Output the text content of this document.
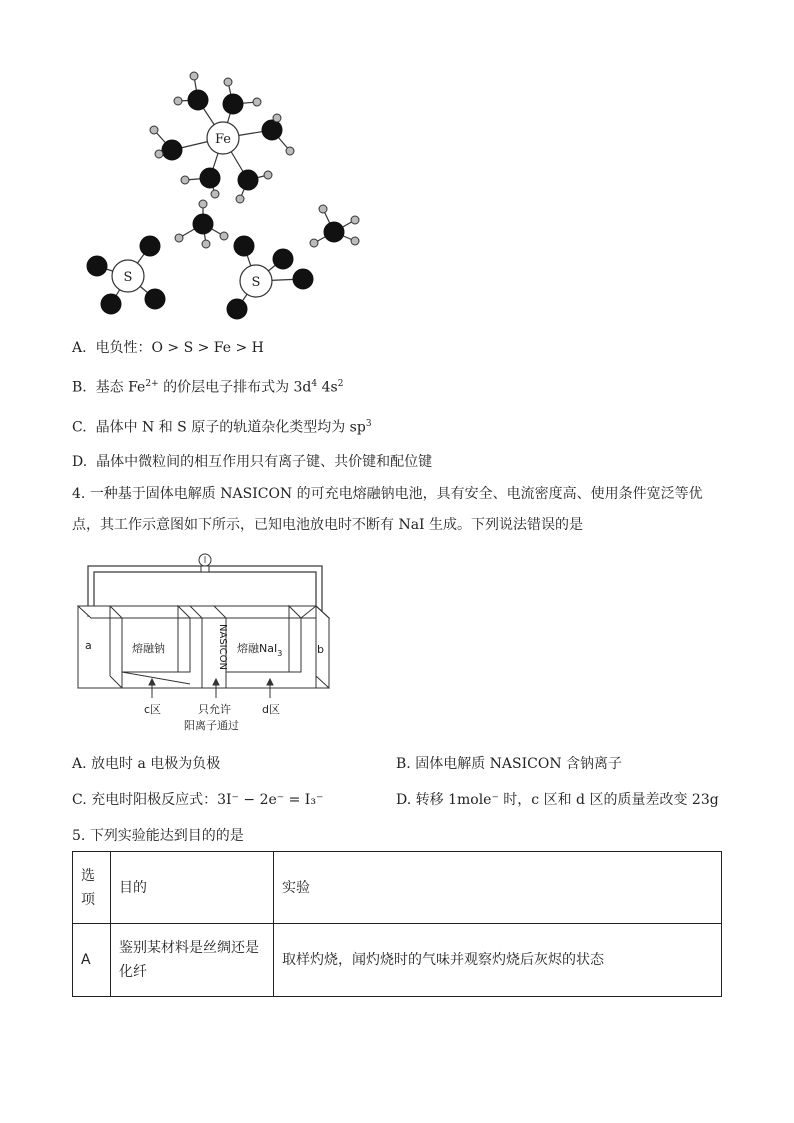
Fe
S	S
A. 电负性：O > S > Fe > H
B. 基态 $Fe^{2+}$ 的价层电子排布式为 $3d^4$ $4s^2$
C. 晶体中 N 和 S 原子的轨道杂化类型均为 $sp^3$
D. 晶体中微粒间的相互作用只有离子键、共价键和配位键
4. 一种基于固体电解质 NASICON 的可充电熔融钠电池，具有安全、电流密度高、使用条件宽泛等优
点，其工作示意图如下所示，已知电池放电时不断有 NaI 生成。下列说法错误的是
a	b
熔融钠	熔融NaI$_3$
NASICON
c区	d区
只允许
阳离子通过
A. 放电时 a 电极为负极	B. 固体电解质 NASICON 含钠离子
C. 充电时阳极反应式：3I⁻ − 2e⁻ = I₃⁻	D. 转移 1mole⁻ 时，c 区和 d 区的质量差改变 23g
5. 下列实验能达到目的的是
选
项	目的	实验
A	鉴别某材料是丝绸还是
化纤	取样灼烧，闻灼烧时的气味并观察灼烧后灰烬的状态
